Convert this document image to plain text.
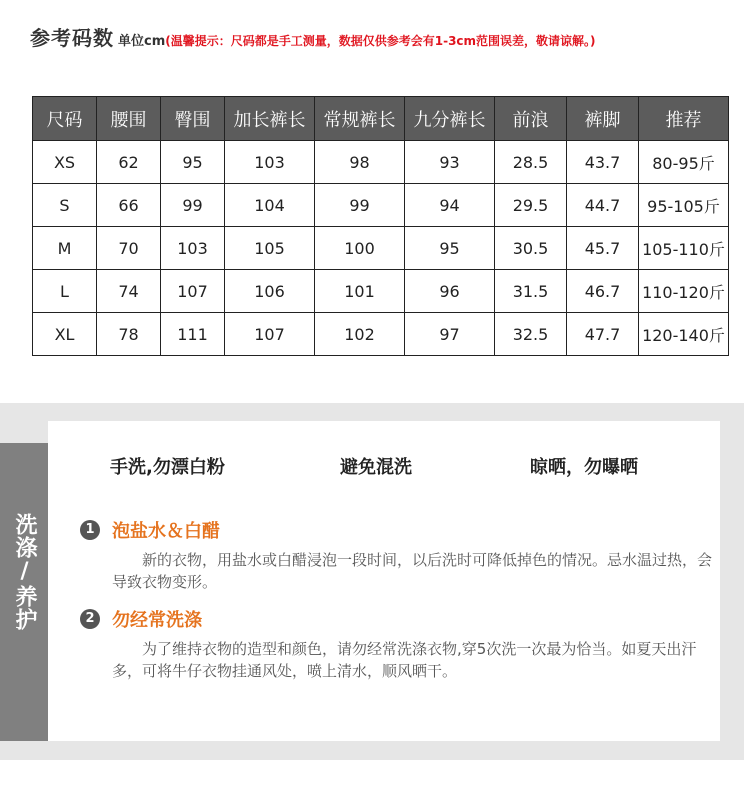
参考码数 单位cm(温馨提示：尺码都是手工测量，数据仅供参考会有1-3cm范围误差，敬请谅解。)
尺码	腰围	臀围	加长裤长	常规裤长	九分裤长	前浪	裤脚	推荐
XS	62	95	103	98	93	28.5	43.7	80-95斤
S	66	99	104	99	94	29.5	44.7	95-105斤
M	70	103	105	100	95	30.5	45.7	105-110斤
L	74	107	106	101	96	31.5	46.7	110-120斤
XL	78	111	107	102	97	32.5	47.7	120-140斤
洗涤/养护
手洗,勿漂白粉	避免混洗	晾晒，勿曝晒
1 泡盐水＆白醋
新的衣物，用盐水或白醋浸泡一段时间，以后洗时可降低掉色的情况。忌水温过热，会导致衣物变形。
2 勿经常洗涤
为了维持衣物的造型和颜色，请勿经常洗涤衣物,穿5次洗一次最为恰当。如夏天出汗多，可将牛仔衣物挂通风处，喷上清水，顺风晒干。
